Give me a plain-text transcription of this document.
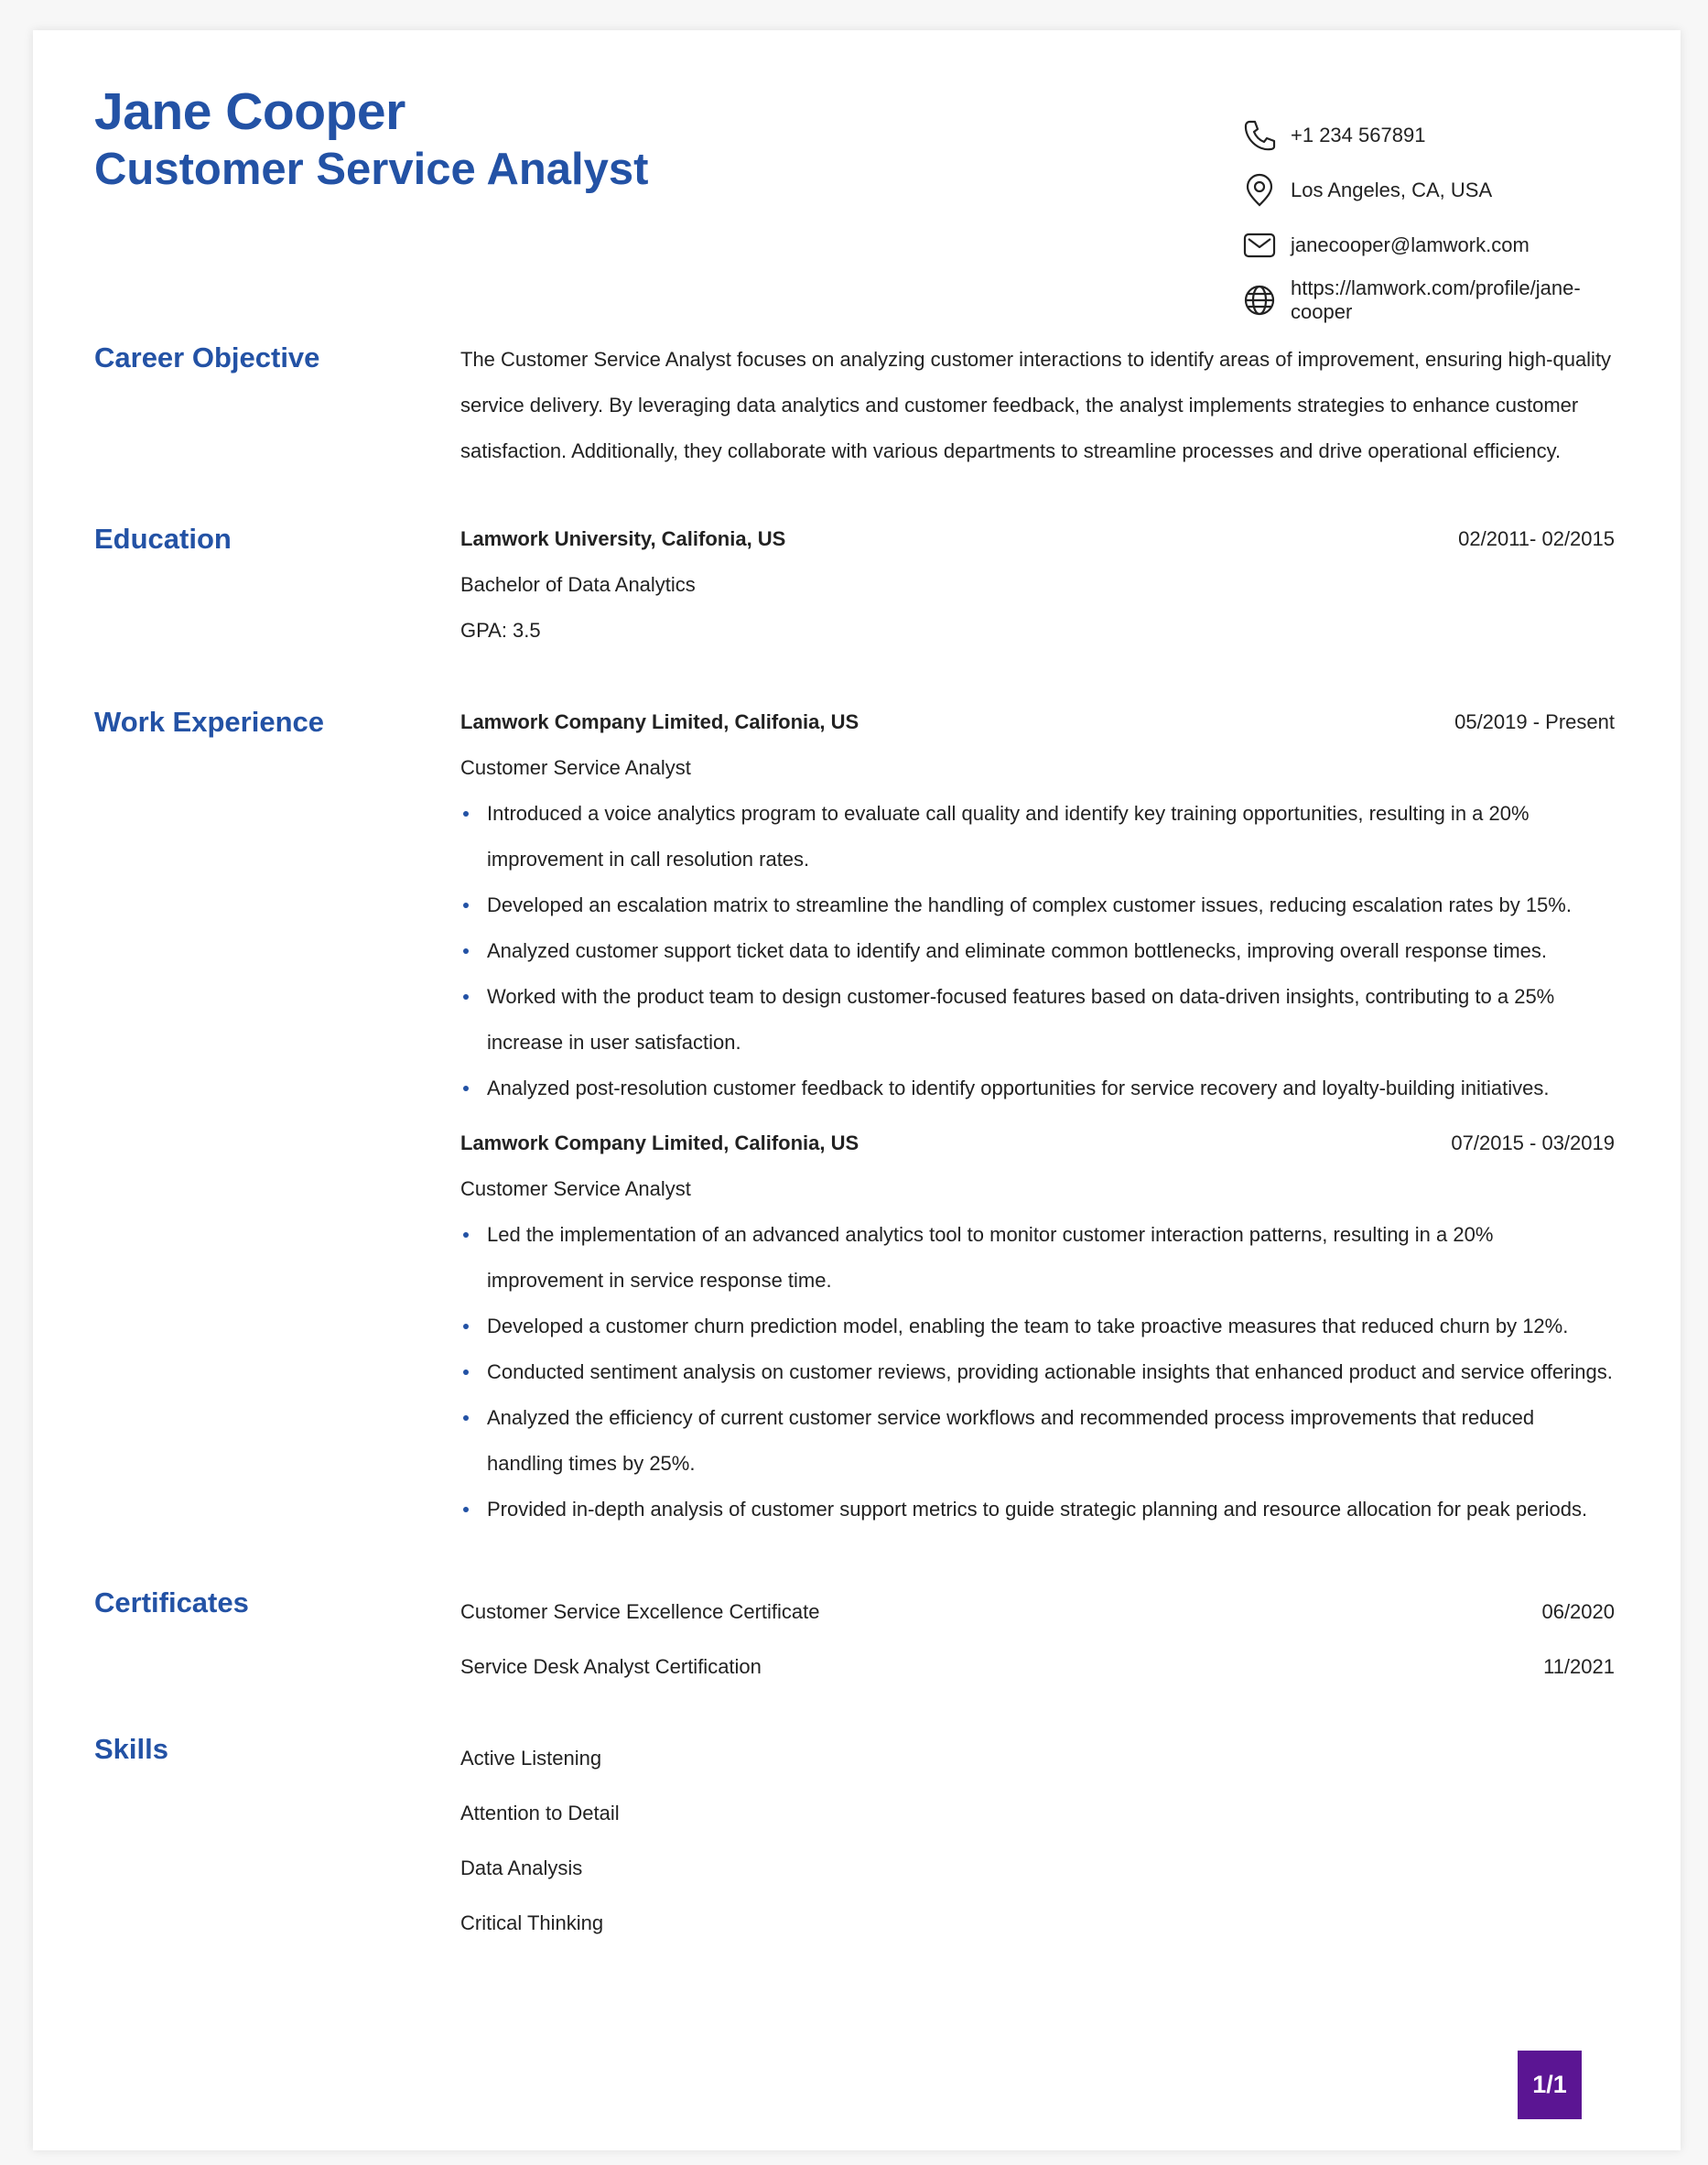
Jane Cooper
Customer Service Analyst
+1 234 567891
Los Angeles, CA, USA
janecooper@lamwork.com
https://lamwork.com/profile/jane-cooper
Career Objective	The Customer Service Analyst focuses on analyzing customer interactions to identify areas of improvement, ensuring high-quality service delivery. By leveraging data analytics and customer feedback, the analyst implements strategies to enhance customer satisfaction. Additionally, they collaborate with various departments to streamline processes and drive operational efficiency.

Education	Lamwork University, Califonia, US	02/2011- 02/2015
Bachelor of Data Analytics
GPA: 3.5
Work Experience	Lamwork Company Limited, Califonia, US	05/2019 - Present
Customer Service Analyst
Introduced a voice analytics program to evaluate call quality and identify key training opportunities, resulting in a 20% improvement in call resolution rates.
Developed an escalation matrix to streamline the handling of complex customer issues, reducing escalation rates by 15%.
Analyzed customer support ticket data to identify and eliminate common bottlenecks, improving overall response times.
Worked with the product team to design customer-focused features based on data-driven insights, contributing to a 25% increase in user satisfaction.
Analyzed post-resolution customer feedback to identify opportunities for service recovery and loyalty-building initiatives.
Lamwork Company Limited, Califonia, US	07/2015 - 03/2019
Customer Service Analyst
Led the implementation of an advanced analytics tool to monitor customer interaction patterns, resulting in a 20% improvement in service response time.
Developed a customer churn prediction model, enabling the team to take proactive measures that reduced churn by 12%.
Conducted sentiment analysis on customer reviews, providing actionable insights that enhanced product and service offerings.
Analyzed the efficiency of current customer service workflows and recommended process improvements that reduced handling times by 25%.
Provided in-depth analysis of customer support metrics to guide strategic planning and resource allocation for peak periods.
Certificates	Customer Service Excellence Certificate	06/2020
Service Desk Analyst Certification	11/2021
Skills	Active Listening
Attention to Detail
Data Analysis
Critical Thinking
1/1
